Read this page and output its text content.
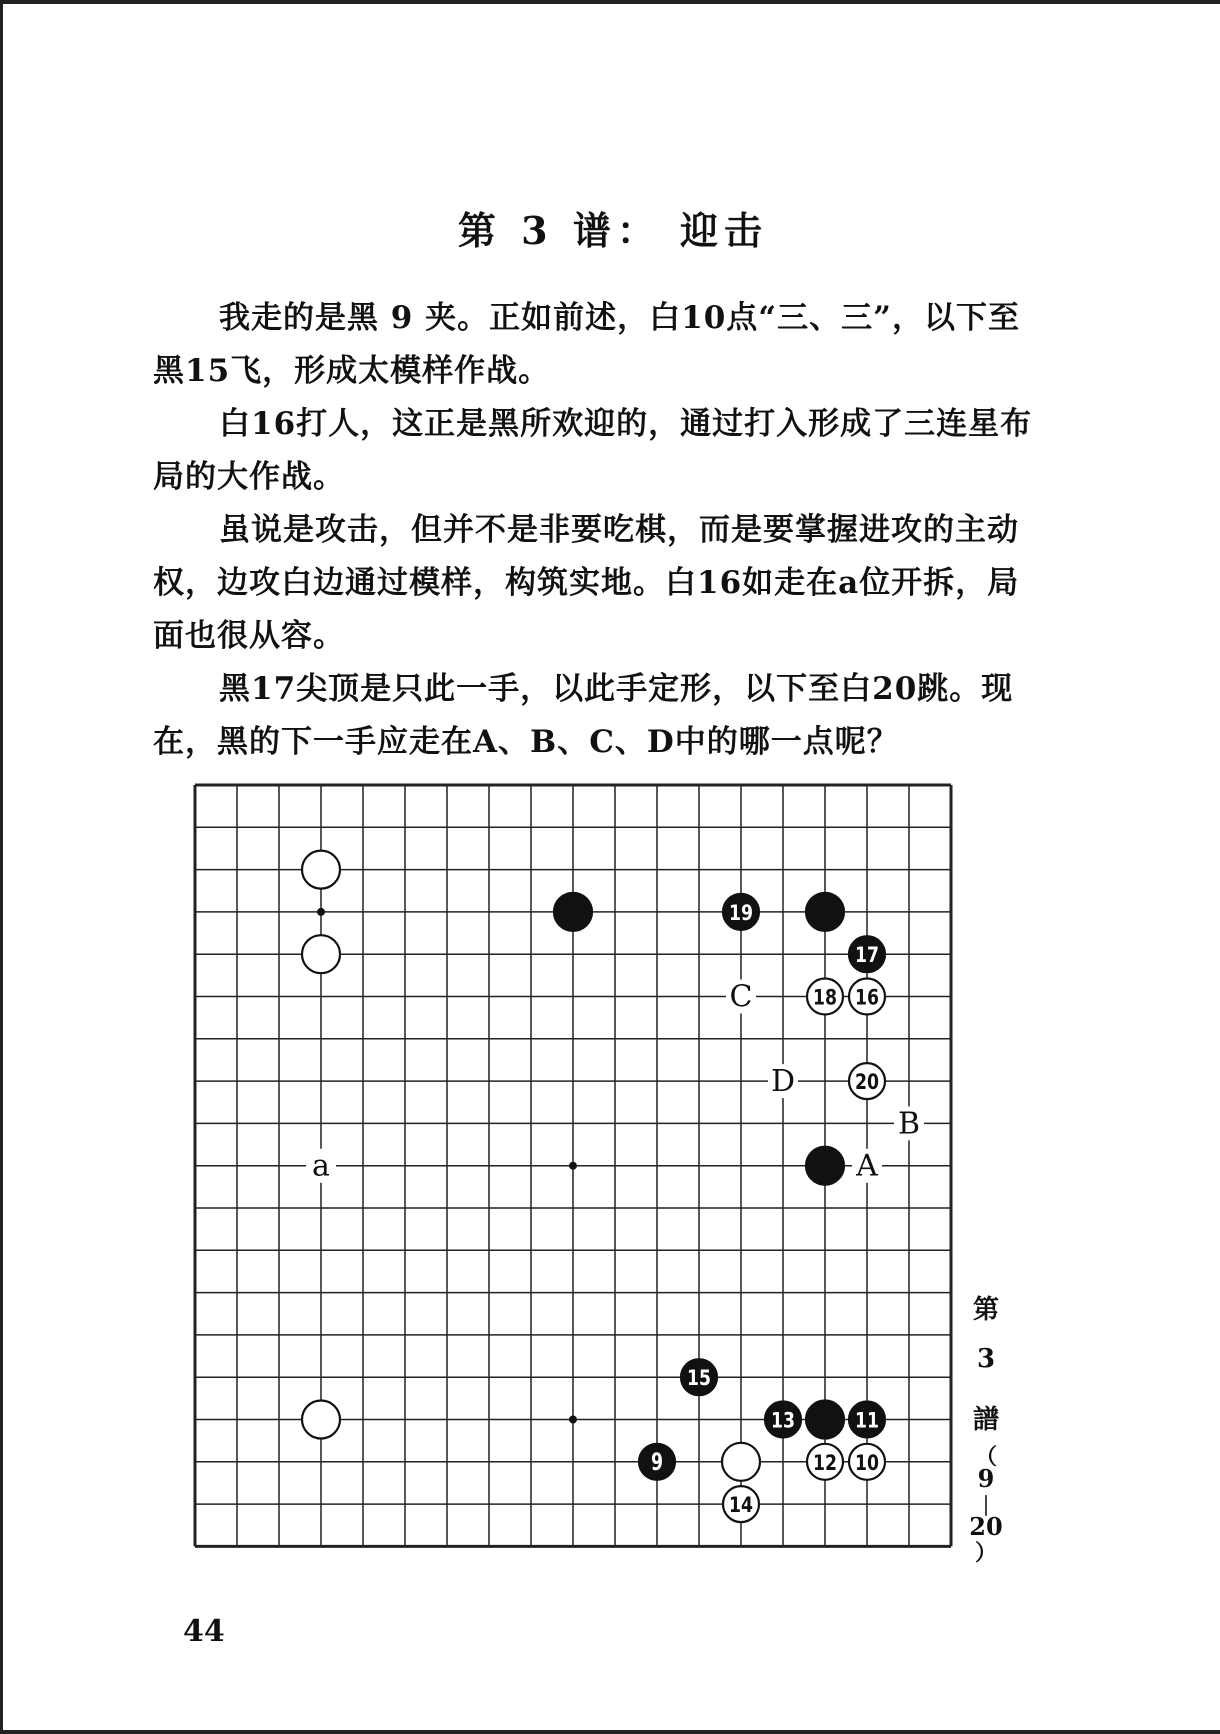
第 3 谱： 迎击

我走的是黑 9 夹。正如前述，白10点“三、三”，以下至黑15飞，形成太模样作战。

白16打人，这正是黑所欢迎的，通过打入形成了三连星布局的大作战。

虽说是攻击，但并不是非要吃棋，而是要掌握进攻的主动权，边攻白边通过模样，构筑实地。白16如走在a位开拆，局面也很从容。

黑17尖顶是只此一手，以此手定形，以下至白20跳。现在，黑的下一手应走在A、B、C、D中的哪一点呢？

C
D
B
A
a
19
17
18 16
20
15
13	11
9	12 10
14
第
3
譜
（
9
｜
20
）
44
